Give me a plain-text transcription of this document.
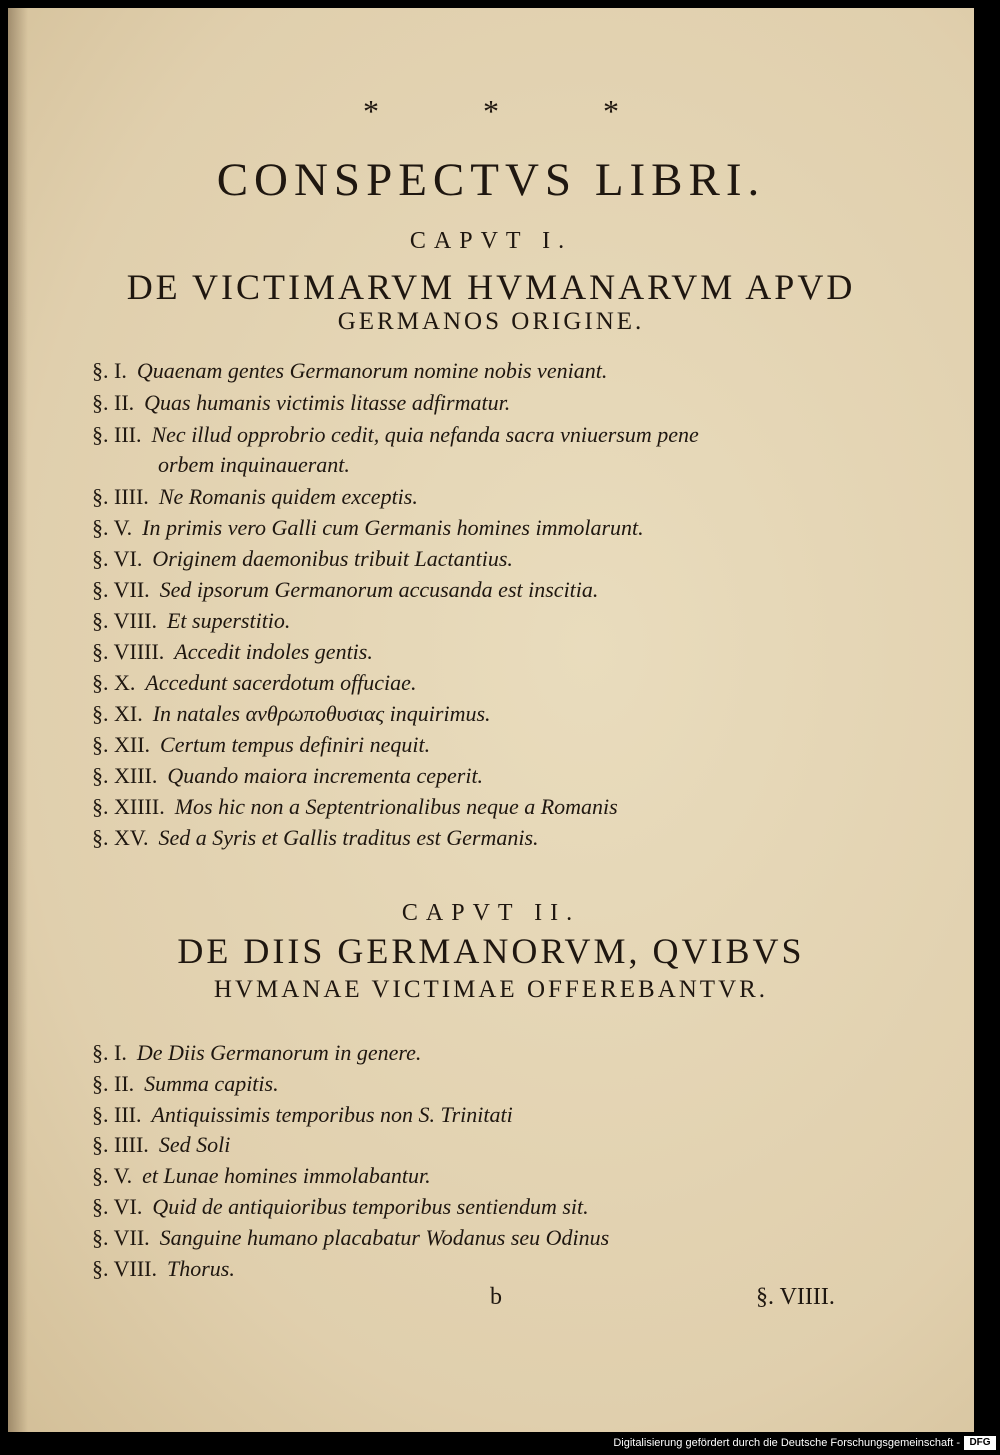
* * *
CONSPECTVS LIBRI.
CAPVT I.
DE VICTIMARVM HVMANARVM APVD
GERMANOS ORIGINE.
§. I. Quaenam gentes Germanorum nomine nobis veniant.
§. II. Quas humanis victimis litasse adfirmatur.
§. III. Nec illud opprobrio cedit, quia nefanda sacra vniuersum pene
orbem inquinauerant.
§. IIII. Ne Romanis quidem exceptis.
§. V. In primis vero Galli cum Germanis homines immolarunt.
§. VI. Originem daemonibus tribuit Lactantius.
§. VII. Sed ipsorum Germanorum accusanda est inscitia.
§. VIII. Et superstitio.
§. VIIII. Accedit indoles gentis.
§. X. Accedunt sacerdotum offuciae.
§. XI. In natales ανθρωποθυσιας inquirimus.
§. XII. Certum tempus definiri nequit.
§. XIII. Quando maiora incrementa ceperit.
§. XIIII. Mos hic non a Septentrionalibus neque a Romanis
§. XV. Sed a Syris et Gallis traditus est Germanis.
CAPVT II.
DE DIIS GERMANORVM, QVIBVS
HVMANAE VICTIMAE OFFEREBANTVR.
§. I. De Diis Germanorum in genere.
§. II. Summa capitis.
§. III. Antiquissimis temporibus non S. Trinitati
§. IIII. Sed Soli
§. V. et Lunae homines immolabantur.
§. VI. Quid de antiquioribus temporibus sentiendum sit.
§. VII. Sanguine humano placabatur Wodanus seu Odinus
§. VIII. Thorus.
b	§. VIIII.
Digitalisierung gefördert durch die Deutsche Forschungsgemeinschaft - DFG
